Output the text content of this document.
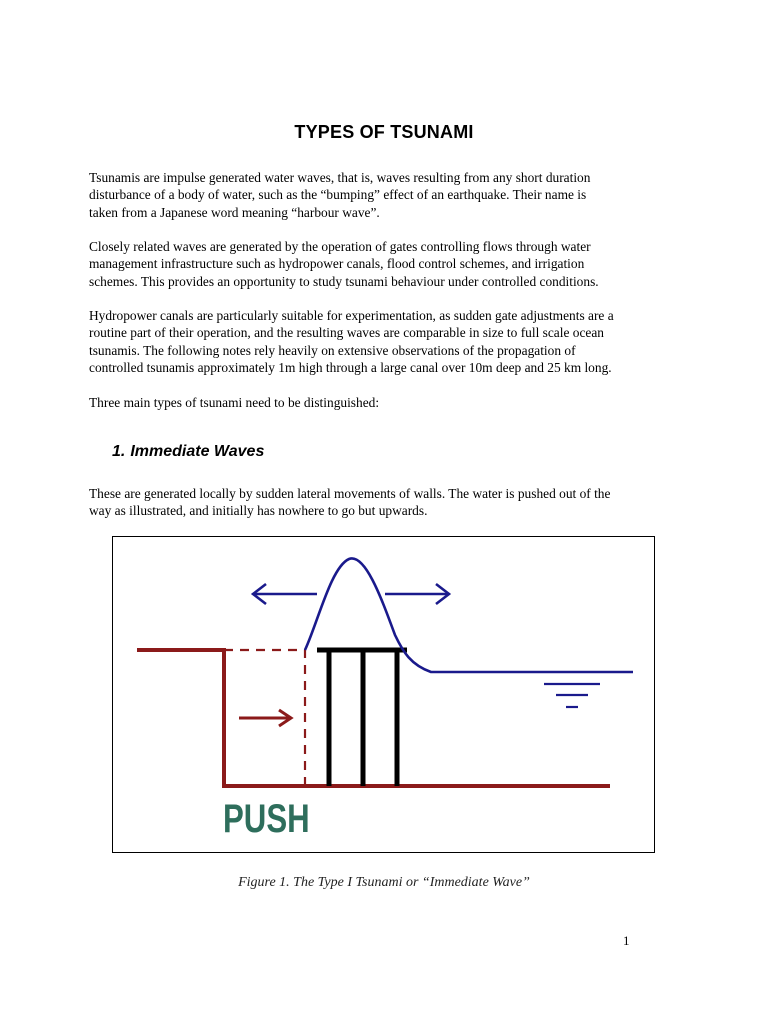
TYPES OF TSUNAMI

Tsunamis are impulse generated water waves, that is, waves resulting from any short duration
disturbance of a body of water, such as the “bumping” effect of an earthquake. Their name is
taken from a Japanese word meaning “harbour wave”.

Closely related waves are generated by the operation of gates controlling flows through water
management infrastructure such as hydropower canals, flood control schemes, and irrigation
schemes. This provides an opportunity to study tsunami behaviour under controlled conditions.

Hydropower canals are particularly suitable for experimentation, as sudden gate adjustments are a
routine part of their operation, and the resulting waves are comparable in size to full scale ocean
tsunamis. The following notes rely heavily on extensive observations of the propagation of
controlled tsunamis approximately 1m high through a large canal over 10m deep and 25 km long.

Three main types of tsunami need to be distinguished:

1. Immediate Waves

These are generated locally by sudden lateral movements of walls. The water is pushed out of the
way as illustrated, and initially has nowhere to go but upwards.

PUSH

Figure 1. The Type I Tsunami or “Immediate Wave”

1
